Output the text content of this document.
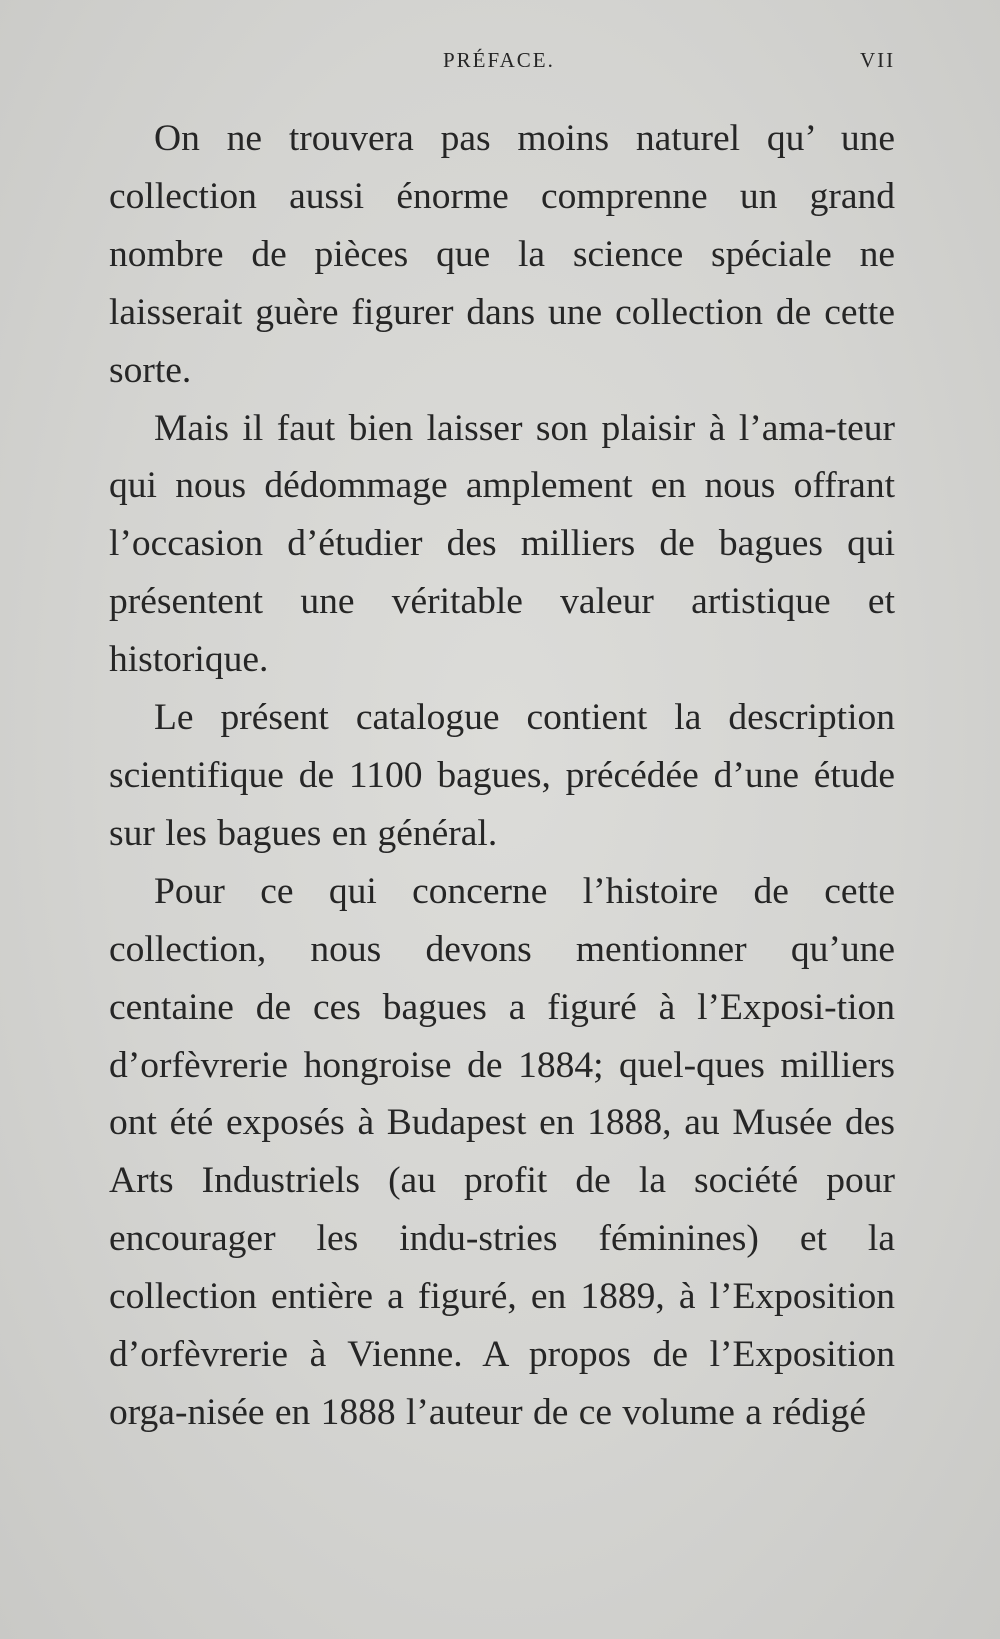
PRÉFACE.	VII

On ne trouvera pas moins naturel qu’ une collection aussi énorme comprenne un grand nombre de pièces que la science spéciale ne laisserait guère figurer dans une collection de cette sorte.

Mais il faut bien laisser son plaisir à l’ama-teur qui nous dédommage amplement en nous offrant l’occasion d’étudier des milliers de bagues qui présentent une véritable valeur artistique et historique.

Le présent catalogue contient la description scientifique de 1100 bagues, précédée d’une étude sur les bagues en général.

Pour ce qui concerne l’histoire de cette collection, nous devons mentionner qu’une centaine de ces bagues a figuré à l’Exposi-tion d’orfèvrerie hongroise de 1884; quel-ques milliers ont été exposés à Budapest en 1888, au Musée des Arts Industriels (au profit de la société pour encourager les indu-stries féminines) et la collection entière a figuré, en 1889, à l’Exposition d’orfèvrerie à Vienne. A propos de l’Exposition orga-nisée en 1888 l’auteur de ce volume a rédigé
